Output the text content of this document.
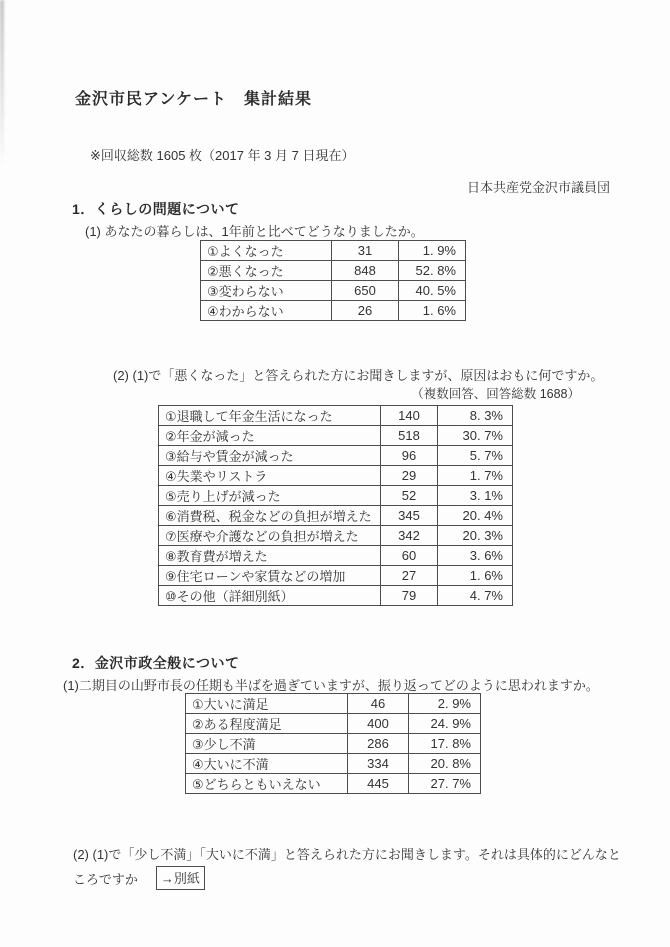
金沢市民アンケート　集計結果
※回収総数 1605 枚（2017 年 3 月 7 日現在）
日本共産党金沢市議員団
1．くらしの問題について
(1) あなたの暮らしは、1年前と比べてどうなりましたか。
①よくなった	31	1. 9%
②悪くなった	848	52. 8%
③変わらない	650	40. 5%
④わからない	26	1. 6%
(2) (1)で「悪くなった」と答えられた方にお聞きしますが、原因はおもに何ですか。
（複数回答、回答総数 1688）
①退職して年金生活になった	140	8. 3%
②年金が減った	518	30. 7%
③給与や賃金が減った	96	5. 7%
④失業やリストラ	29	1. 7%
⑤売り上げが減った	52	3. 1%
⑥消費税、税金などの負担が増えた	345	20. 4%
⑦医療や介護などの負担が増えた	342	20. 3%
⑧教育費が増えた	60	3. 6%
⑨住宅ローンや家賃などの増加	27	1. 6%
⑩その他（詳細別紙）	79	4. 7%
2．金沢市政全般について
(1)二期目の山野市長の任期も半ばを過ぎていますが、振り返ってどのように思われますか。
①大いに満足	46	2. 9%
②ある程度満足	400	24. 9%
③少し不満	286	17. 8%
④大いに不満	334	20. 8%
⑤どちらともいえない	445	27. 7%
(2) (1)で「少し不満」「大いに不満」と答えられた方にお聞きします。それは具体的にどんなと
ころですか	→別紙
